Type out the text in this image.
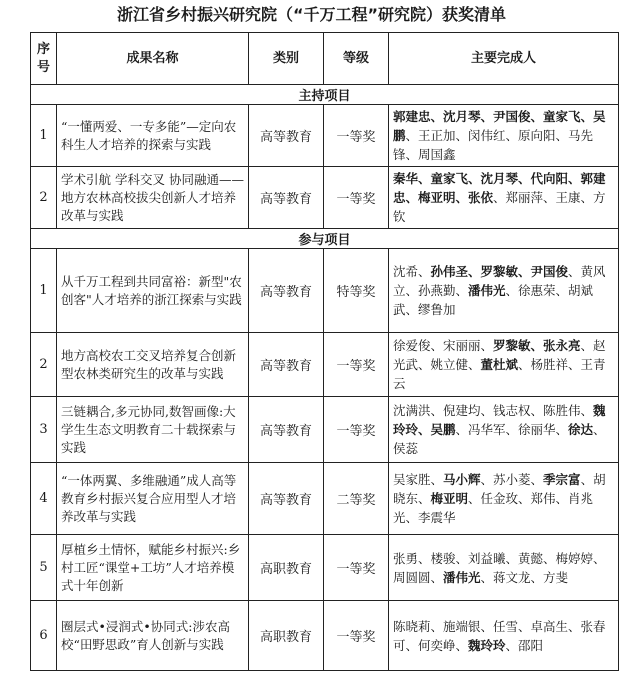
浙江省乡村振兴研究院（“千万工程”研究院）获奖清单
序号	成果名称	类别	等级	主要完成人
主持项目				
1	“一懂两爱、一专多能”—定向农科生人才培养的探索与实践	高等教育	一等奖	郭建忠、沈月琴、尹国俊、童家飞、吴鹏、王正加、闵伟红、原向阳、马先锋、周国鑫
2	学术引航 学科交叉 协同融通——地方农林高校拔尖创新人才培养改革与实践	高等教育	一等奖	秦华、童家飞、沈月琴、代向阳、郭建忠、梅亚明、张依、郑丽萍、王康、方钦
参与项目				
1	从千万工程到共同富裕：新型"农创客"人才培养的浙江探索与实践	高等教育	特等奖	沈希、孙伟圣、罗黎敏、尹国俊、黄风立、孙燕勤、潘伟光、徐惠荣、胡斌武、缪鲁加
2	地方高校农工交叉培养复合创新型农林类研究生的改革与实践	高等教育	一等奖	徐爱俊、宋丽丽、罗黎敏、张永亮、赵光武、姚立健、董杜斌、杨胜祥、王青云
3	三链耦合,多元协同,数智画像:大学生生态文明教育二十载探索与实践	高等教育	一等奖	沈满洪、倪建均、钱志权、陈胜伟、魏玲玲、吴鹏、冯华军、徐丽华、徐达、侯蕊
4	“一体两翼、多维融通”成人高等教育乡村振兴复合应用型人才培养改革与实践	高等教育	二等奖	吴家胜、马小辉、苏小菱、季宗富、胡晓东、梅亚明、任金玫、郑伟、肖兆光、李震华
5	厚植乡土情怀，赋能乡村振兴:乡村工匠“课堂+工坊”人才培养模式十年创新	高职教育	一等奖	张勇、楼骏、刘益曦、黄懿、梅婷婷、周圆圆、潘伟光、蒋文龙、方斐
6	圈层式•浸润式•协同式:涉农高校“田野思政”育人创新与实践	高职教育	一等奖	陈晓莉、施端银、任雪、卓高生、张春可、何奕峥、魏玲玲、邵阳
